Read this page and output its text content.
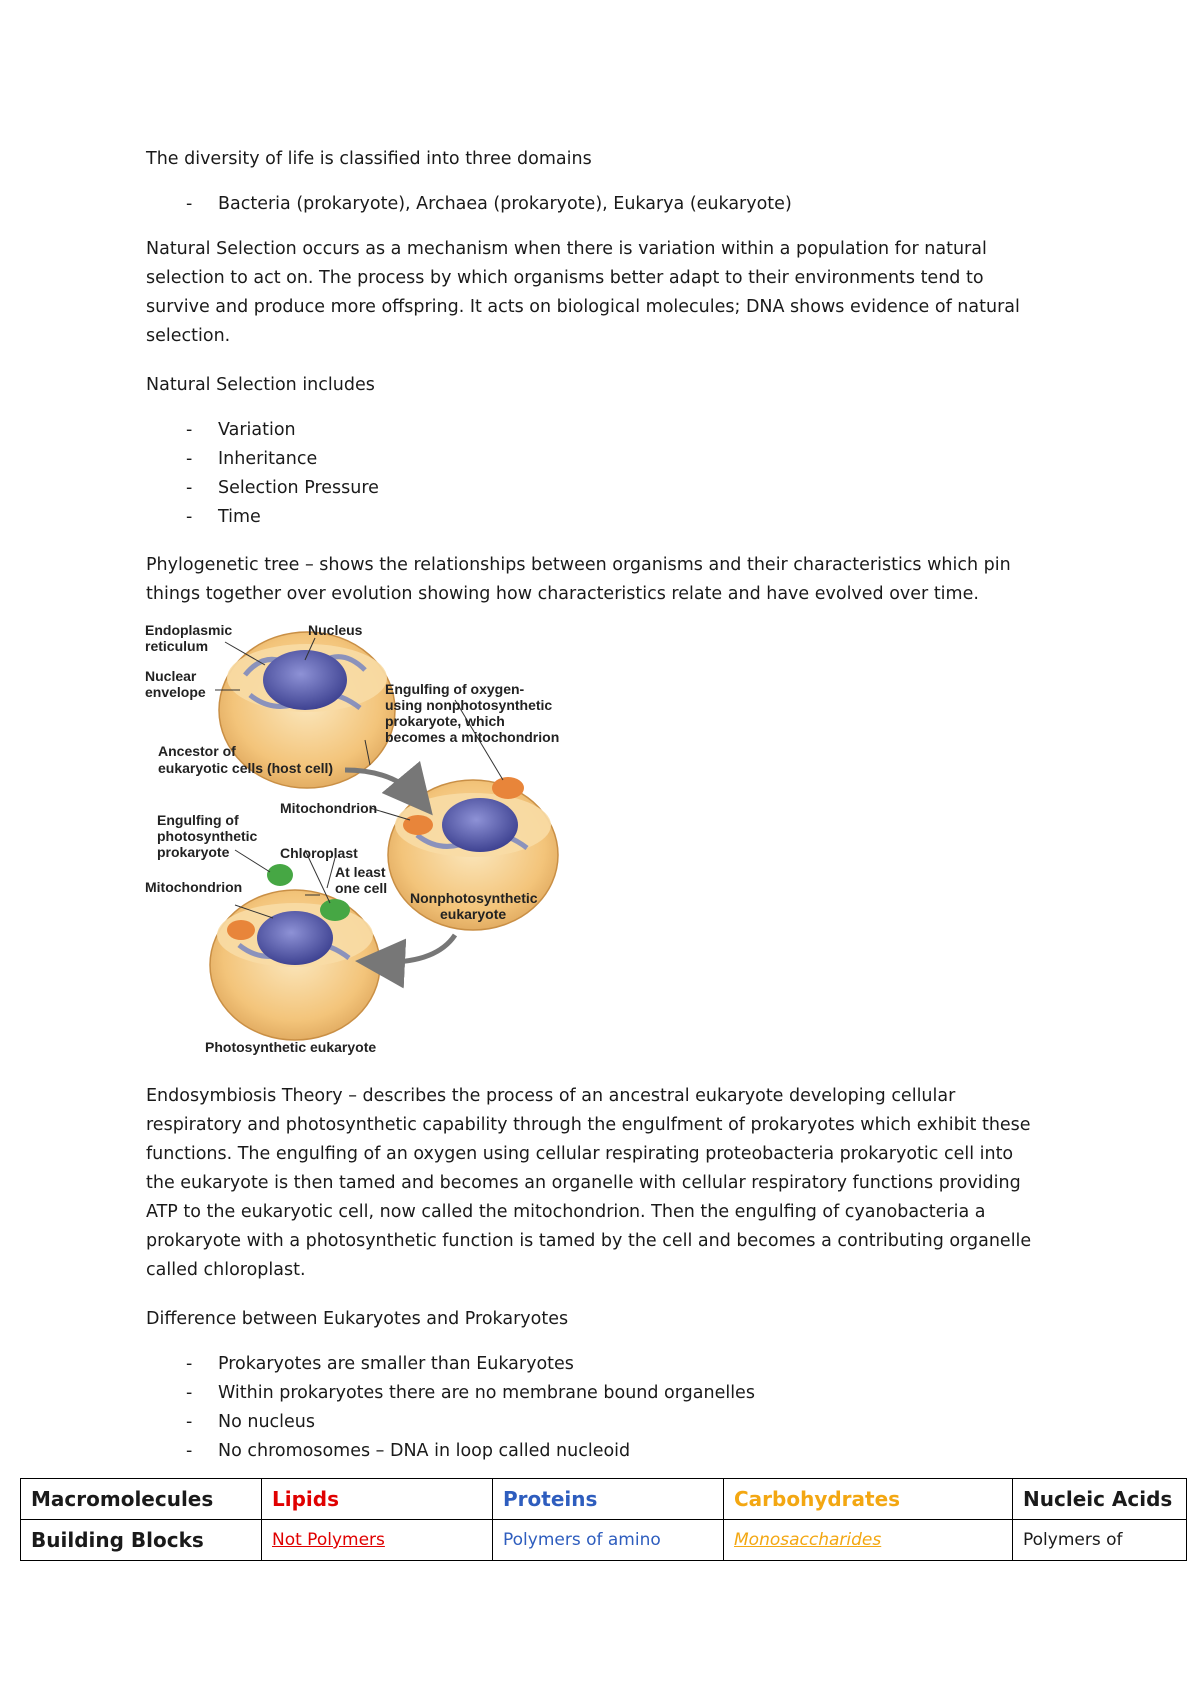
The diversity of life is classified into three domains
- Bacteria (prokaryote), Archaea (prokaryote), Eukarya (eukaryote)
Natural Selection occurs as a mechanism when there is variation within a population for natural
selection to act on. The process by which organisms better adapt to their environments tend to
survive and produce more offspring. It acts on biological molecules; DNA shows evidence of natural
selection.
Natural Selection includes
- Variation
- Inheritance
- Selection Pressure
- Time
Phylogenetic tree – shows the relationships between organisms and their characteristics which pin
things together over evolution showing how characteristics relate and have evolved over time.
Endoplasmic
reticulum
Nucleus
Nuclear
envelope
Ancestor of
eukaryotic cells (host cell)
Engulfing of oxygen-
using nonphotosynthetic
prokaryote, which
becomes a mitochondrion
Mitochondrion
Engulfing of
photosynthetic
prokaryote	Chloroplast
At least
one cell
Mitochondrion
Nonphotosynthetic
eukaryote
Photosynthetic eukaryote
Endosymbiosis Theory – describes the process of an ancestral eukaryote developing cellular
respiratory and photosynthetic capability through the engulfment of prokaryotes which exhibit these
functions. The engulfing of an oxygen using cellular respirating proteobacteria prokaryotic cell into
the eukaryote is then tamed and becomes an organelle with cellular respiratory functions providing
ATP to the eukaryotic cell, now called the mitochondrion. Then the engulfing of cyanobacteria a
prokaryote with a photosynthetic function is tamed by the cell and becomes a contributing organelle
called chloroplast.
Difference between Eukaryotes and Prokaryotes
- Prokaryotes are smaller than Eukaryotes
- Within prokaryotes there are no membrane bound organelles
- No nucleus
- No chromosomes – DNA in loop called nucleoid
Macromolecules	Lipids	Proteins	Carbohydrates	Nucleic Acids
Building Blocks	Not Polymers	Polymers of amino	Monosaccharides	Polymers of
